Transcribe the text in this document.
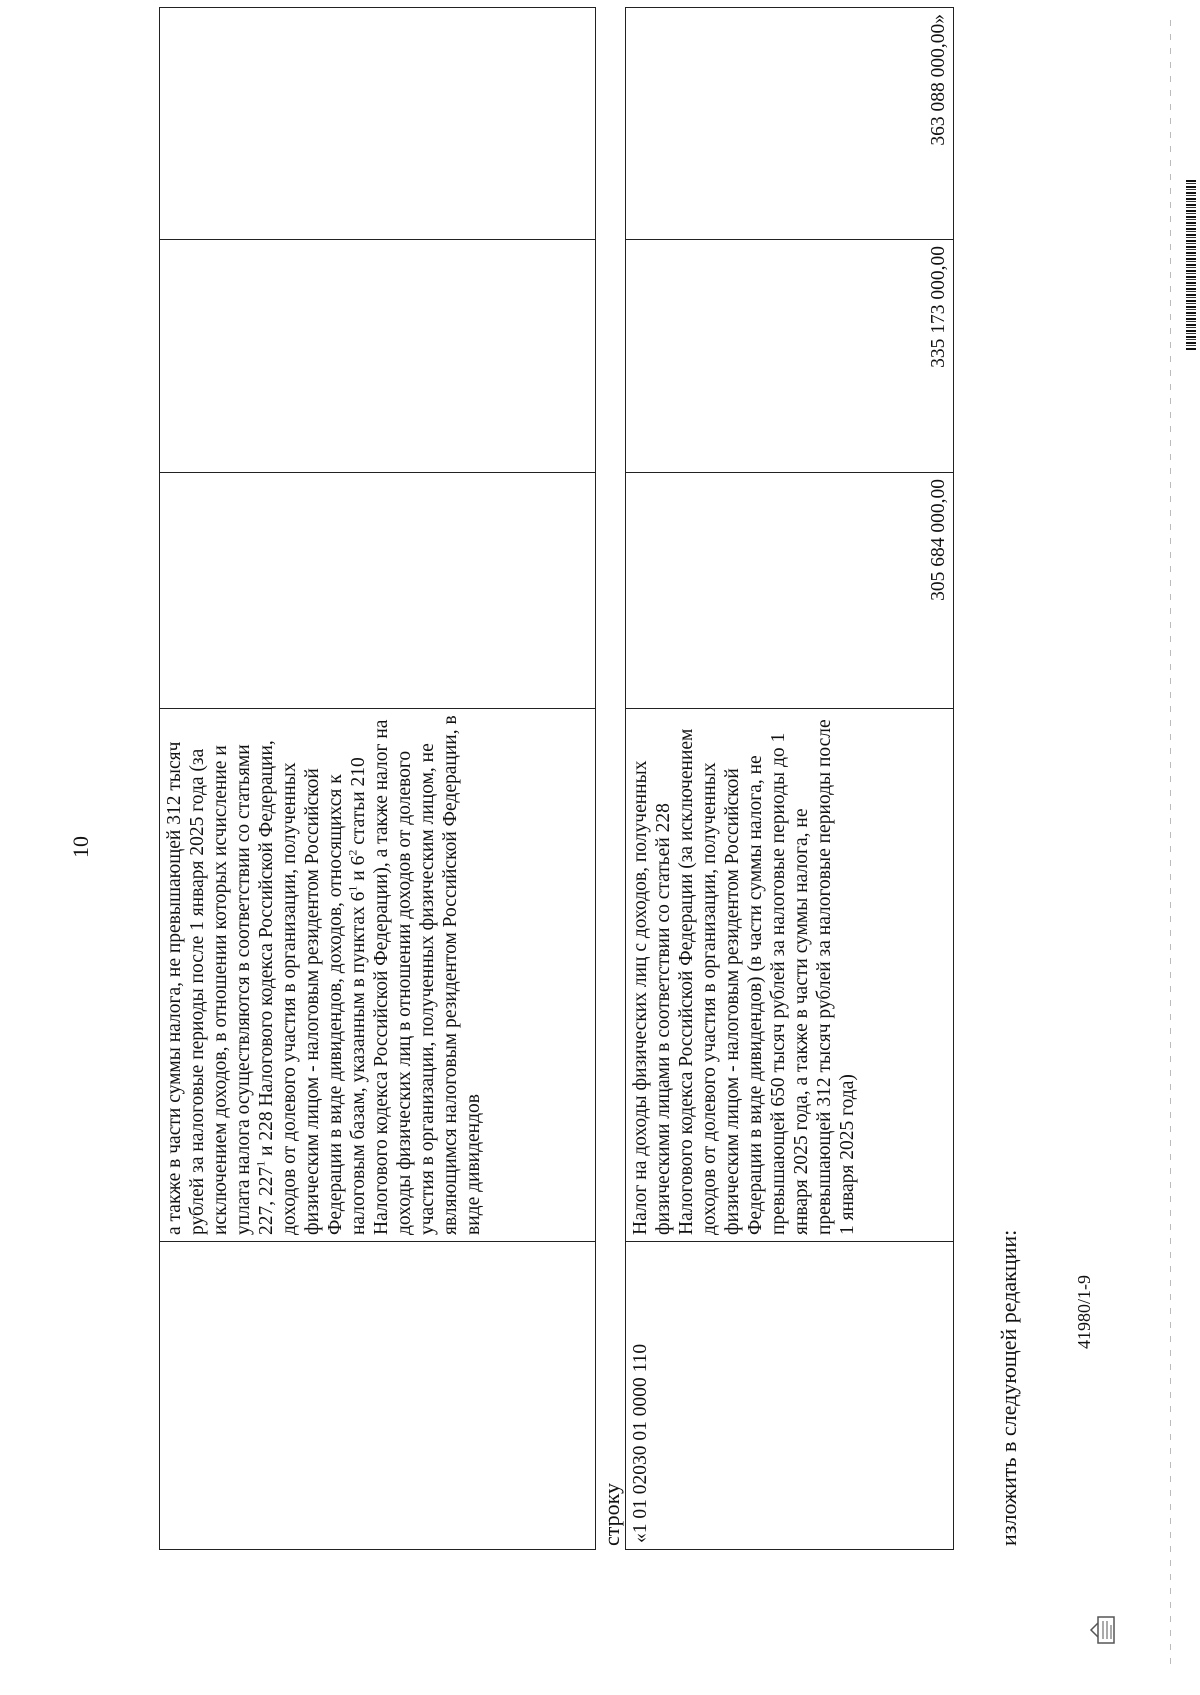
10
		а также в части суммы налога, не превышающей 312 тысяч рублей за налоговые периоды после 1 января 2025 года (за исключением доходов, в отношении которых исчисление и уплата налога осуществляются в соответствии со статьями 227, $227^1$ и 228 Налогового кодекса Российской Федерации, доходов от долевого участия в организации, полученных физическим лицом - налоговым резидентом Российской Федерации в виде дивидендов, доходов, относящихся к налоговым базам, указанным в пунктах $6^1$ и $6^2$ статьи 210 Налогового кодекса Российской Федерации), а также налог на доходы физических лиц в отношении доходов от долевого участия в организации, полученных физическим лицом, не являющимся налоговым резидентом Российской Федерации, в виде дивидендов			
строку «1 01 02030 01 0000 110	Налог на доходы физических лиц с доходов, полученных физическими лицами в соответствии со статьей 228 Налогового кодекса Российской Федерации (за исключением доходов от долевого участия в организации, полученных физическим лицом - налоговым резидентом Российской Федерации в виде дивидендов) (в части суммы налога, не превышающей 650 тысяч рублей за налоговые периоды до 1 января 2025 года, а также в части суммы налога, не превышающей 312 тысяч рублей за налоговые периоды после 1 января 2025 года)	305 684 000,00	335 173 000,00	363 088 000,00»
изложить в следующей редакции:	41980/1-9
